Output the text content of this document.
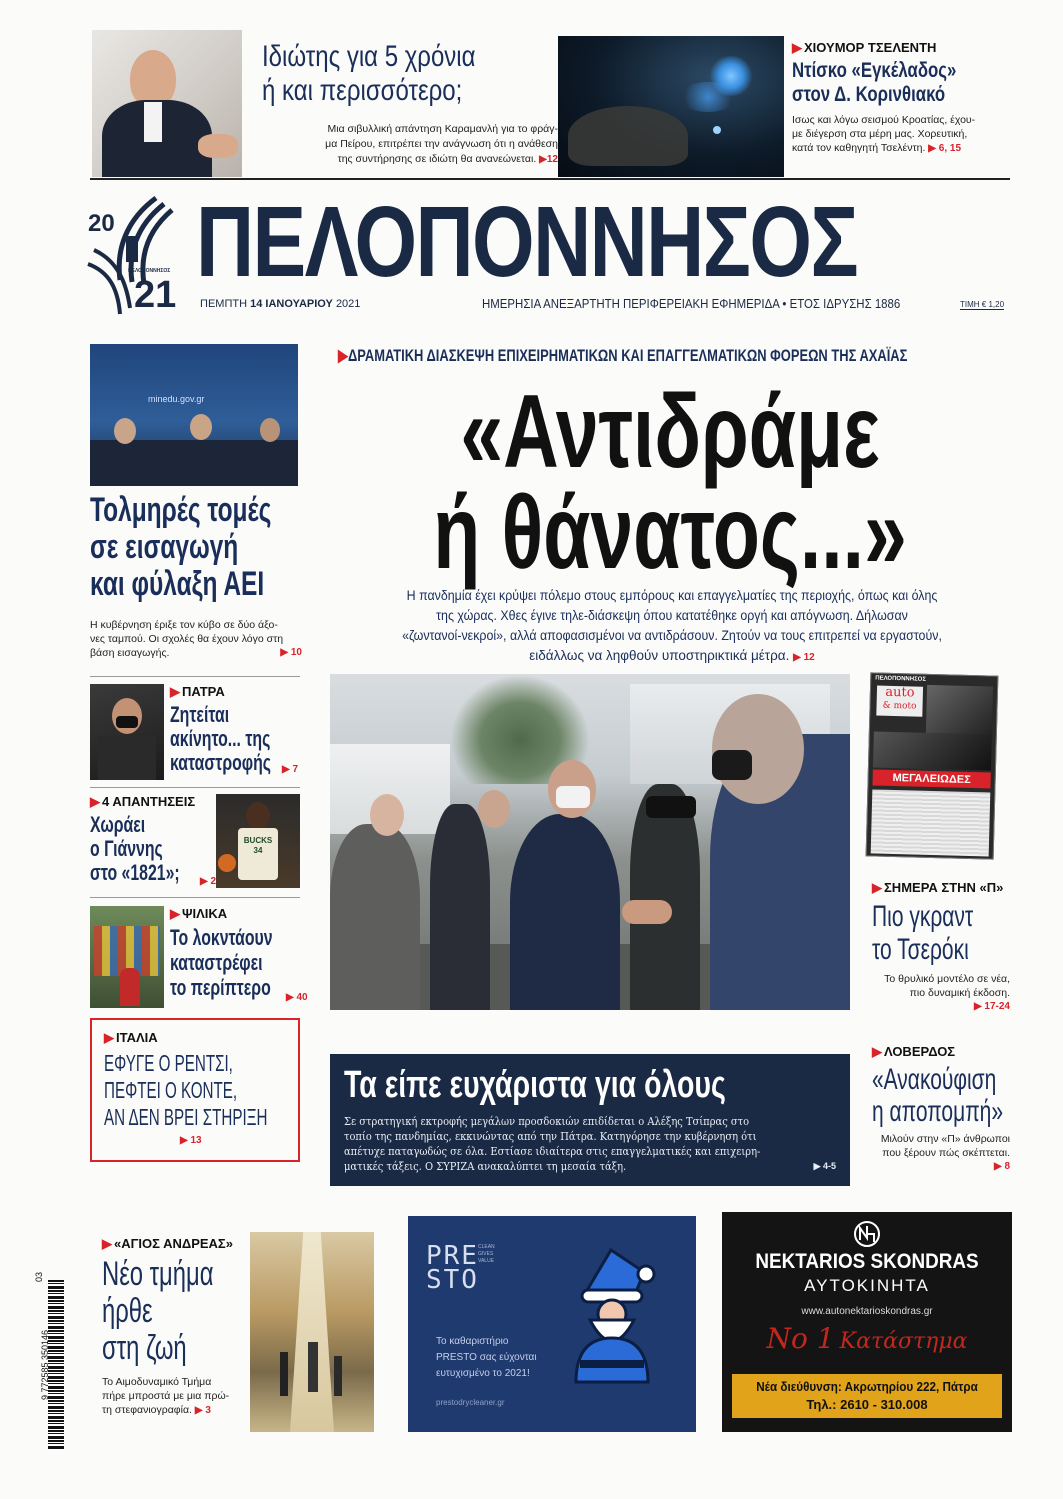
Ιδιώτης για 5 χρόνια
ή και περισσότερο;
Μια σιβυλλική απάντηση Καραμανλή για το φράγ-
μα Πείρου, επιτρέπει την ανάγνωση ότι η ανάθεση
της συντήρησης σε ιδιώτη θα ανανεώνεται. ▶12
▶ ΧΙΟΥΜΟΡ ΤΣΕΛΕΝΤΗ
Ντίσκο «Εγκέλαδος»
στον Δ. Κορινθιακό
Ισως και λόγω σεισμού Κροατίας, έχου-
με διέγερση στα μέρη μας. Χορευτική,
κατά τον καθηγητή Τσελέντη. ▶ 6, 15
20
ΠΕΛΟΠΟΝΝΗΣΟΣ
21 ΠΕΛΟΠΟΝΝΗΣΟΣ
ΠΕΜΠΤΗ 14 ΙΑΝΟΥΑΡΙΟΥ 2021	ΗΜΕΡΗΣΙΑ ΑΝΕΞΑΡΤΗΤΗ ΠΕΡΙΦΕΡΕΙΑΚΗ ΕΦΗΜΕΡΙΔΑ • ΕΤΟΣ ΙΔΡΥΣΗΣ 1886	ΤΙΜΗ € 1,20
minedu.gov.gr
Τολμηρές τομές
σε εισαγωγή
και φύλαξη ΑΕΙ
Η κυβέρνηση έριξε τον κύβο σε δύο άξο-
νες ταμπού. Οι σχολές θα έχουν λόγο στη
βάση εισαγωγής.	▶ 10
▶ ΠΑΤΡΑ
Ζητείται
ακίνητο... της
καταστροφής	▶ 7
▶ 4 ΑΠΑΝΤΗΣΕΙΣ
Χωράει
ο Γιάννης
στο «1821»;	▶ 2
BUCKS 34
▶ ΨΙΛΙΚΑ
Το λοκντάουν
καταστρέφει
το περίπτερο ▶ 40
▶ ΙΤΑΛΙΑ
ΕΦΥΓΕ Ο ΡΕΝΤΣΙ,
ΠΕΦΤΕΙ Ο ΚΟΝΤΕ,
ΑΝ ΔΕΝ ΒΡΕΙ ΣΤΗΡΙΞΗ
▶ 13
▶ΔΡΑΜΑΤΙΚΗ ΔΙΑΣΚΕΨΗ ΕΠΙΧΕΙΡΗΜΑΤΙΚΩΝ ΚΑΙ ΕΠΑΓΓΕΛΜΑΤΙΚΩΝ ΦΟΡΕΩΝ ΤΗΣ ΑΧΑΪΑΣ
«Αντιδράμε
ή θάνατος...»
Η πανδημία έχει κρύψει πόλεμο στους εμπόρους και επαγγελματίες της περιοχής, όπως και όλης
της χώρας. Χθες έγινε τηλε-διάσκεψη όπου κατατέθηκε οργή και απόγνωση. Δήλωσαν
«ζωντανοί-νεκροί», αλλά αποφασισμένοι να αντιδράσουν. Ζητούν να τους επιτρεπεί να εργαστούν,
ειδάλλως να ληφθούν υποστηρικτικά μέτρα. ▶ 12
Τα είπε ευχάριστα για όλους
Σε στρατηγική εκτροφής μεγάλων προσδοκιών επιδίδεται ο Αλέξης Τσίπρας στο
τοπίο της πανδημίας, εκκινώντας από την Πάτρα. Κατηγόρησε την κυβέρνηση ότι
απέτυχε παταγωδώς σε όλα. Εστίασε ιδιαίτερα στις επαγγελματικές και επιχειρη-
ματικές τάξεις. Ο ΣΥΡΙΖΑ ανακαλύπτει τη μεσαία τάξη.	▶ 4-5
ΠΕΛΟΠΟΝΝΗΣΟΣ
auto
& moto
ΜΕΓΑΛΕΙΩΔΕΣ
▶ ΣΗΜΕΡΑ ΣΤΗΝ «Π»
Πιο γκραντ
το Τσερόκι
Το θρυλικό μοντέλο σε νέα,
πιο δυναμική έκδοση.
▶ 17-24
▶ ΛΟΒΕΡΔΟΣ
«Ανακούφιση
η αποπομπή»
Μιλούν στην «Π» άνθρωποι
που ξέρουν πώς σκέπτεται.
▶ 8
9 772585 350146
03
▶ «ΑΓΙΟΣ ΑΝΔΡΕΑΣ»
Νέο τμήμα
ήρθε
στη ζωή
Το Αιμοδυναμικό Τμήμα
πήρε μπροστά με μια πρώ-
τη στεφανιογραφία. ▶ 3
PRE
STO
CLEAN
GIVES
VALUE
Το καθαριστήριο
PRESTO σας εύχονται
ευτυχισμένο το 2021!
prestodrycleaner.gr
NEKTARIOS SKONDRAS
ΑΥΤΟΚΙΝΗΤΑ
www.autonektarioskondras.gr
Νο 1 Κατάστημα
Νέα διεύθυνση: Ακρωτηρίου 222, Πάτρα
Τηλ.: 2610 - 310.008
